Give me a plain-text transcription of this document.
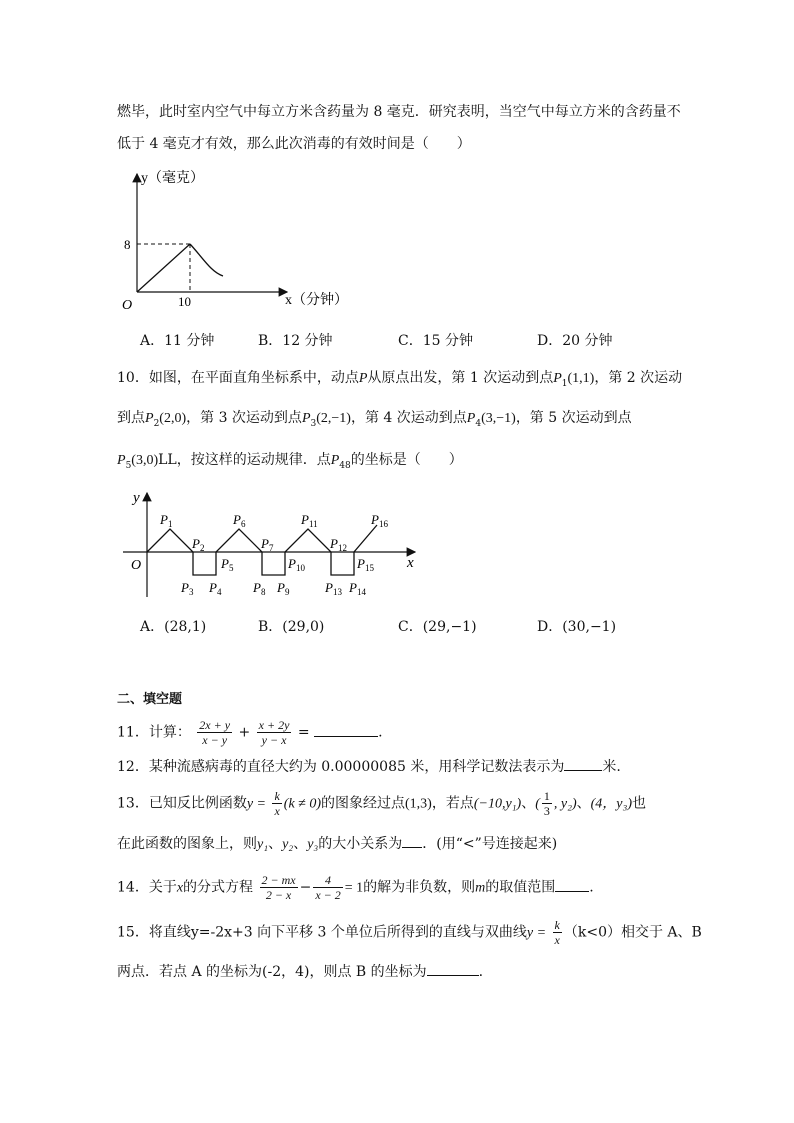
燃毕，此时室内空气中每立方米含药量为 8 毫克．研究表明，当空气中每立方米的含药量不
低于 4 毫克才有效，那么此次消毒的有效时间是（　　）
y（毫克）
x（分钟）
O
8
10
A．11 分钟	B．12 分钟	C．15 分钟	D．20 分钟
10．如图，在平面直角坐标系中，动点P从原点出发，第 1 次运动到点$P_1(1,1)$，第 2 次运动
到点$P_2(2,0)$，第 3 次运动到点$P_3(2,-1)$，第 4 次运动到点$P_4(3,-1)$，第 5 次运动到点
$P_5(3,0)LL$，按这样的运动规律．点$P_{48}$的坐标是（　　）
x
y
O
$P_1$
$P_2$
$P_3$ $P_4$
$P_5$
$P_6$
$P_7$
$P_8$ $P_9$
$P_{10}$
$P_{11}$
$P_{12}$
$P_{13}$ $P_{14}$
$P_{15}$
$P_{16}$
A．(28,1)	B．(29,0)	C．(29,−1)	D．(30,−1)
二、填空题
11．计算： $\frac{2x + y}{x - y} + \frac{x + 2y}{y - x}$ =	.
12．某种流感病毒的直径大约为 0.00000085 米，用科学记数法表示为	米.
13．已知反比例函数$y = \frac{k}{x} (k \ne 0)$的图象经过点(1,3)，若点(−10,y₁)、( $\frac{1}{3}$ , y₂)、(4，y₃)也
在此函数的图象上，则y₁、y₂、y₃的大小关系为 ．(用“<”号连接起来)
14．关于x的分式方程 $\frac{2 - mx}{2 - x} - \frac{4}{x - 2} = 1$的解为非负数，则m的取值范围 .
15．将直线y=-2x+3 向下平移 3 个单位后所得到的直线与双曲线$y = \frac{k}{x} (k<0)$相交于 A、B
两点．若点 A 的坐标为(-2，4)，则点 B 的坐标为	.
